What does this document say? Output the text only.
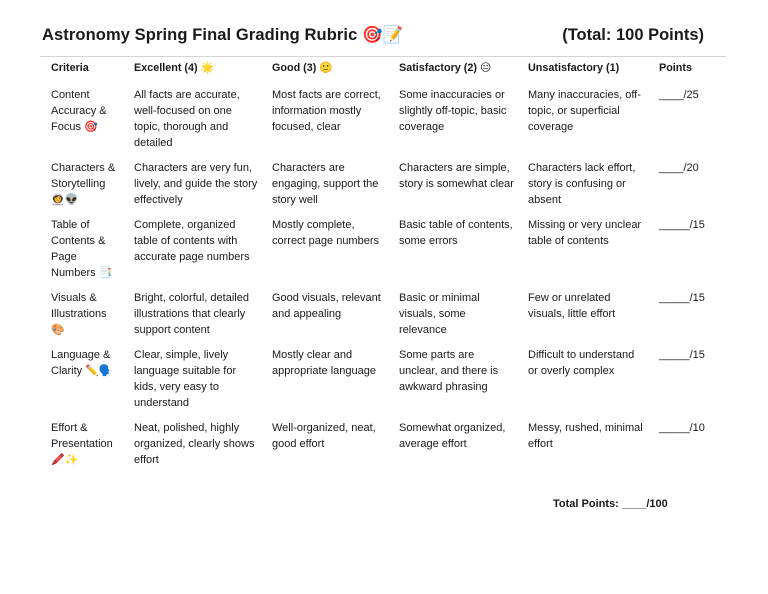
Astronomy Spring Final Grading Rubric 🎯📝	(Total: 100 Points)
Criteria	Excellent (4) 🌟	Good (3) 🙂	Satisfactory (2) 😐	Unsatisfactory (1)	Points
Content Accuracy & Focus 🎯	All facts are accurate, well-focused on one topic, thorough and detailed	Most facts are correct, information mostly focused, clear	Some inaccuracies or slightly off-topic, basic coverage	Many inaccuracies, off-topic, or superficial coverage	____/25
Characters & Storytelling 👩‍🚀👽	Characters are very fun, lively, and guide the story effectively	Characters are engaging, support the story well	Characters are simple, story is somewhat clear	Characters lack effort, story is confusing or absent	____/20
Table of Contents & Page Numbers 📑	Complete, organized table of contents with accurate page numbers	Mostly complete, correct page numbers	Basic table of contents, some errors	Missing or very unclear table of contents	_____/15
Visuals & Illustrations 🎨	Bright, colorful, detailed illustrations that clearly support content	Good visuals, relevant and appealing	Basic or minimal visuals, some relevance	Few or unrelated visuals, little effort	_____/15
Language & Clarity ✏️🗣️	Clear, simple, lively language suitable for kids, very easy to understand	Mostly clear and appropriate language	Some parts are unclear, and there is awkward phrasing	Difficult to understand or overly complex	_____/15
Effort & Presentation 🖍️✨	Neat, polished, highly organized, clearly shows effort	Well-organized, neat, good effort	Somewhat organized, average effort	Messy, rushed, minimal effort	_____/10
Total Points: ____/100
